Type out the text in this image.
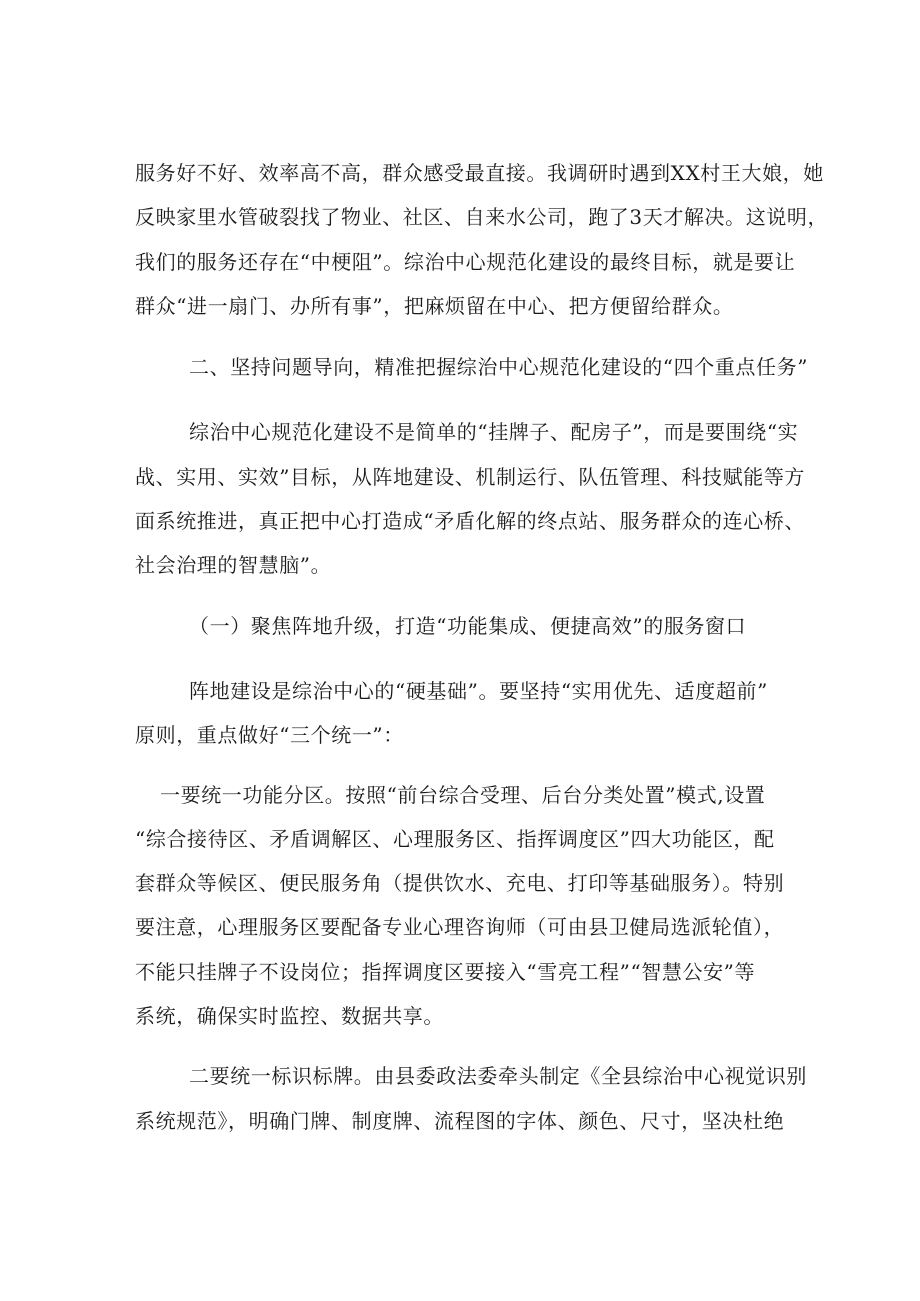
服务好不好、效率高不高，群众感受最直接。我调研时遇到XX村王大娘，她
反映家里水管破裂找了物业、社区、自来水公司，跑了3天才解决。这说明，
我们的服务还存在“中梗阻”。综治中心规范化建设的最终目标，就是要让
群众“进一扇门、办所有事”，把麻烦留在中心、把方便留给群众。
二、坚持问题导向，精准把握综治中心规范化建设的“四个重点任务”
综治中心规范化建设不是简单的“挂牌子、配房子”，而是要围绕“实
战、实用、实效”目标，从阵地建设、机制运行、队伍管理、科技赋能等方
面系统推进，真正把中心打造成“矛盾化解的终点站、服务群众的连心桥、
社会治理的智慧脑”。
（一）聚焦阵地升级，打造“功能集成、便捷高效”的服务窗口
阵地建设是综治中心的“硬基础”。要坚持“实用优先、适度超前”
原则，重点做好“三个统一”：
一要统一功能分区。按照“前台综合受理、后台分类处置”模式,设置
“综合接待区、矛盾调解区、心理服务区、指挥调度区”四大功能区，配
套群众等候区、便民服务角（提供饮水、充电、打印等基础服务）。特别
要注意，心理服务区要配备专业心理咨询师（可由县卫健局选派轮值），
不能只挂牌子不设岗位；指挥调度区要接入“雪亮工程”“智慧公安”等
系统，确保实时监控、数据共享。
二要统一标识标牌。由县委政法委牵头制定《全县综治中心视觉识别
系统规范》，明确门牌、制度牌、流程图的字体、颜色、尺寸，坚决杜绝
